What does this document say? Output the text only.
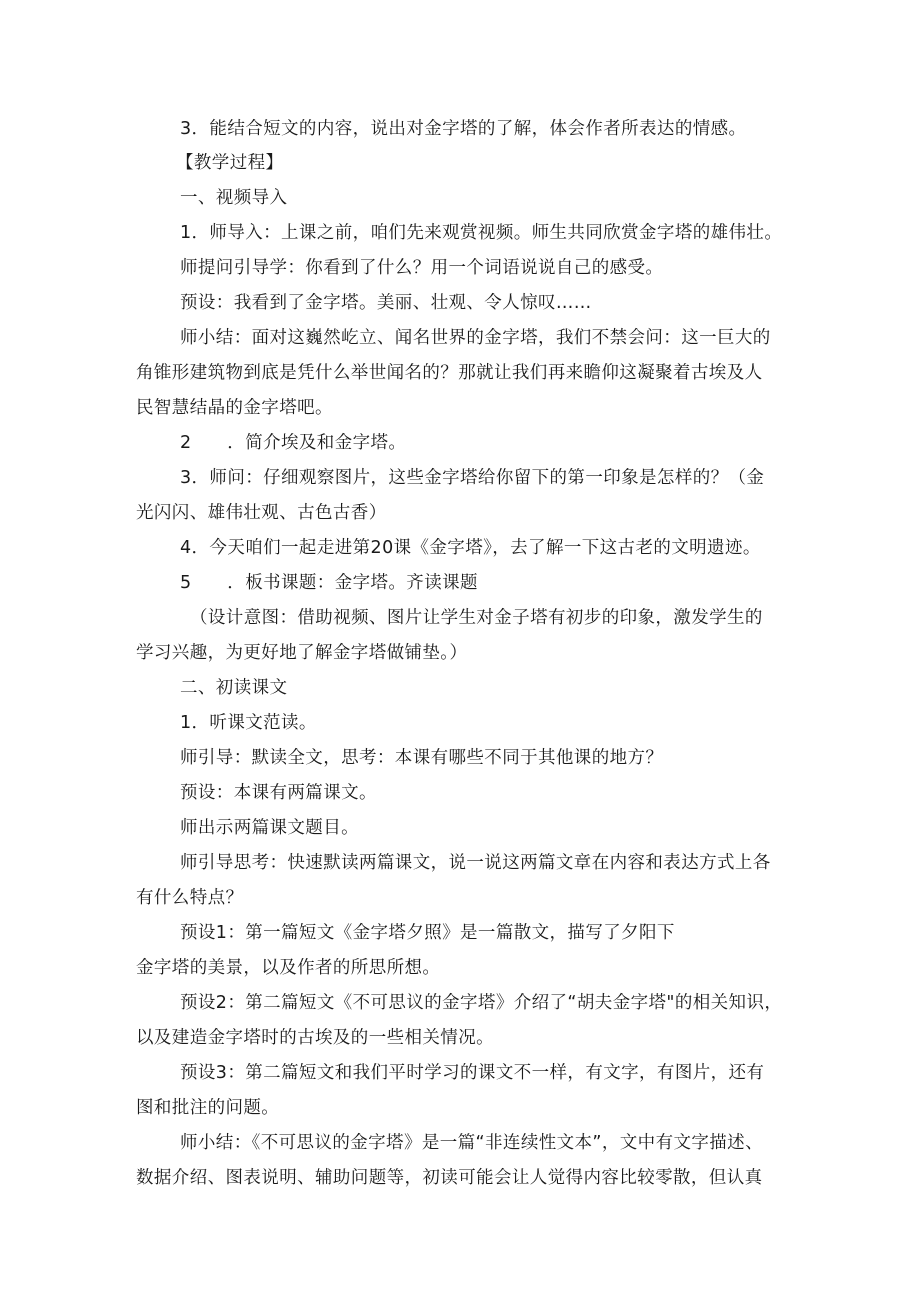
3．能结合短文的内容，说出对金字塔的了解，体会作者所表达的情感。
【教学过程】
一、视频导入
1．师导入：上课之前，咱们先来观赏视频。师生共同欣赏金字塔的雄伟壮。
师提问引导学：你看到了什么？用一个词语说说自己的感受。
预设：我看到了金字塔。美丽、壮观、令人惊叹……
师小结：面对这巍然屹立、闻名世界的金字塔，我们不禁会问：这一巨大的
角锥形建筑物到底是凭什么举世闻名的？那就让我们再来瞻仰这凝聚着古埃及人
民智慧结晶的金字塔吧。
2      ．简介埃及和金字塔。
3．师问：仔细观察图片，这些金字塔给你留下的第一印象是怎样的？（金
光闪闪、雄伟壮观、古色古香）
4．今天咱们一起走进第20课《金字塔》，去了解一下这古老的文明遗迹。
5      ．板书课题：金字塔。齐读课题
（设计意图：借助视频、图片让学生对金子塔有初步的印象，激发学生的
学习兴趣，为更好地了解金字塔做铺垫。）
二、初读课文
1．听课文范读。
师引导：默读全文，思考：本课有哪些不同于其他课的地方？
预设：本课有两篇课文。
师出示两篇课文题目。
师引导思考：快速默读两篇课文，说一说这两篇文章在内容和表达方式上各
有什么特点？
预设1：第一篇短文《金字塔夕照》是一篇散文，描写了夕阳下
金字塔的美景，以及作者的所思所想。
预设2：第二篇短文《不可思议的金字塔》介绍了“胡夫金字塔"的相关知识，
以及建造金字塔时的古埃及的一些相关情况。
预设3：第二篇短文和我们平时学习的课文不一样，有文字，有图片，还有
图和批注的问题。
师小结：《不可思议的金字塔》是一篇“非连续性文本”，文中有文字描述、
数据介绍、图表说明、辅助问题等，初读可能会让人觉得内容比较零散，但认真
